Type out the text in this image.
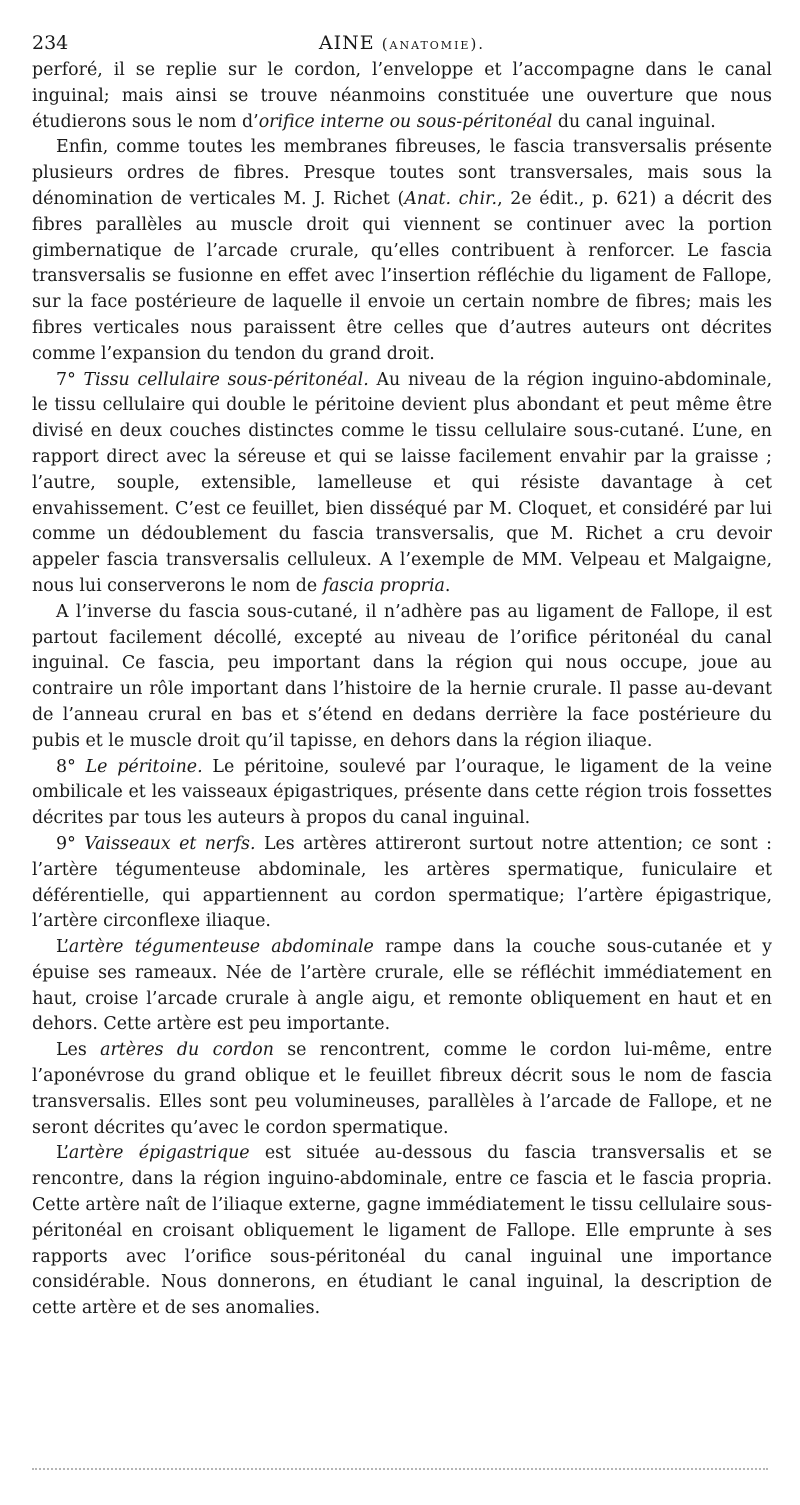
234	AINE (anatomie).

perforé, il se replie sur le cordon, l’enveloppe et l’accompagne dans le canal inguinal; mais ainsi se trouve néanmoins constituée une ouverture que nous étudierons sous le nom d’orifice interne ou sous-péritonéal du canal inguinal.

Enfin, comme toutes les membranes fibreuses, le fascia transversalis présente plusieurs ordres de fibres. Presque toutes sont transversales, mais sous la dénomination de verticales M. J. Richet (Anat. chir., 2e édit., p. 621) a décrit des fibres parallèles au muscle droit qui viennent se continuer avec la portion gimbernatique de l’arcade crurale, qu’elles contribuent à renforcer. Le fascia transversalis se fusionne en effet avec l’insertion réfléchie du ligament de Fallope, sur la face postérieure de laquelle il envoie un certain nombre de fibres; mais les fibres verticales nous paraissent être celles que d’autres auteurs ont décrites comme l’expansion du tendon du grand droit.

7° Tissu cellulaire sous-péritonéal. Au niveau de la région inguino-abdominale, le tissu cellulaire qui double le péritoine devient plus abondant et peut même être divisé en deux couches distinctes comme le tissu cellulaire sous-cutané. L’une, en rapport direct avec la séreuse et qui se laisse facilement envahir par la graisse ; l’autre, souple, extensible, lamelleuse et qui résiste davantage à cet envahissement. C’est ce feuillet, bien disséqué par M. Cloquet, et considéré par lui comme un dédoublement du fascia transversalis, que M. Richet a cru devoir appeler fascia transversalis celluleux. A l’exemple de MM. Velpeau et Malgaigne, nous lui conserverons le nom de fascia propria.

A l’inverse du fascia sous-cutané, il n’adhère pas au ligament de Fallope, il est partout facilement décollé, excepté au niveau de l’orifice péritonéal du canal inguinal. Ce fascia, peu important dans la région qui nous occupe, joue au contraire un rôle important dans l’histoire de la hernie crurale. Il passe au-devant de l’anneau crural en bas et s’étend en dedans derrière la face postérieure du pubis et le muscle droit qu’il tapisse, en dehors dans la région iliaque.

8° Le péritoine. Le péritoine, soulevé par l’ouraque, le ligament de la veine ombilicale et les vaisseaux épigastriques, présente dans cette région trois fossettes décrites par tous les auteurs à propos du canal inguinal.

9° Vaisseaux et nerfs. Les artères attireront surtout notre attention; ce sont : l’artère tégumenteuse abdominale, les artères spermatique, funiculaire et déférentielle, qui appartiennent au cordon spermatique; l’artère épigastrique, l’artère circonflexe iliaque.

L’artère tégumenteuse abdominale rampe dans la couche sous-cutanée et y épuise ses rameaux. Née de l’artère crurale, elle se réfléchit immédiatement en haut, croise l’arcade crurale à angle aigu, et remonte obliquement en haut et en dehors. Cette artère est peu importante.

Les artères du cordon se rencontrent, comme le cordon lui-même, entre l’aponévrose du grand oblique et le feuillet fibreux décrit sous le nom de fascia transversalis. Elles sont peu volumineuses, parallèles à l’arcade de Fallope, et ne seront décrites qu’avec le cordon spermatique.

L’artère épigastrique est située au-dessous du fascia transversalis et se rencontre, dans la région inguino-abdominale, entre ce fascia et le fascia propria. Cette artère naît de l’iliaque externe, gagne immédiatement le tissu cellulaire sous-péritonéal en croisant obliquement le ligament de Fallope. Elle emprunte à ses rapports avec l’orifice sous-péritonéal du canal inguinal une importance considérable. Nous donnerons, en étudiant le canal inguinal, la description de cette artère et de ses anomalies.
